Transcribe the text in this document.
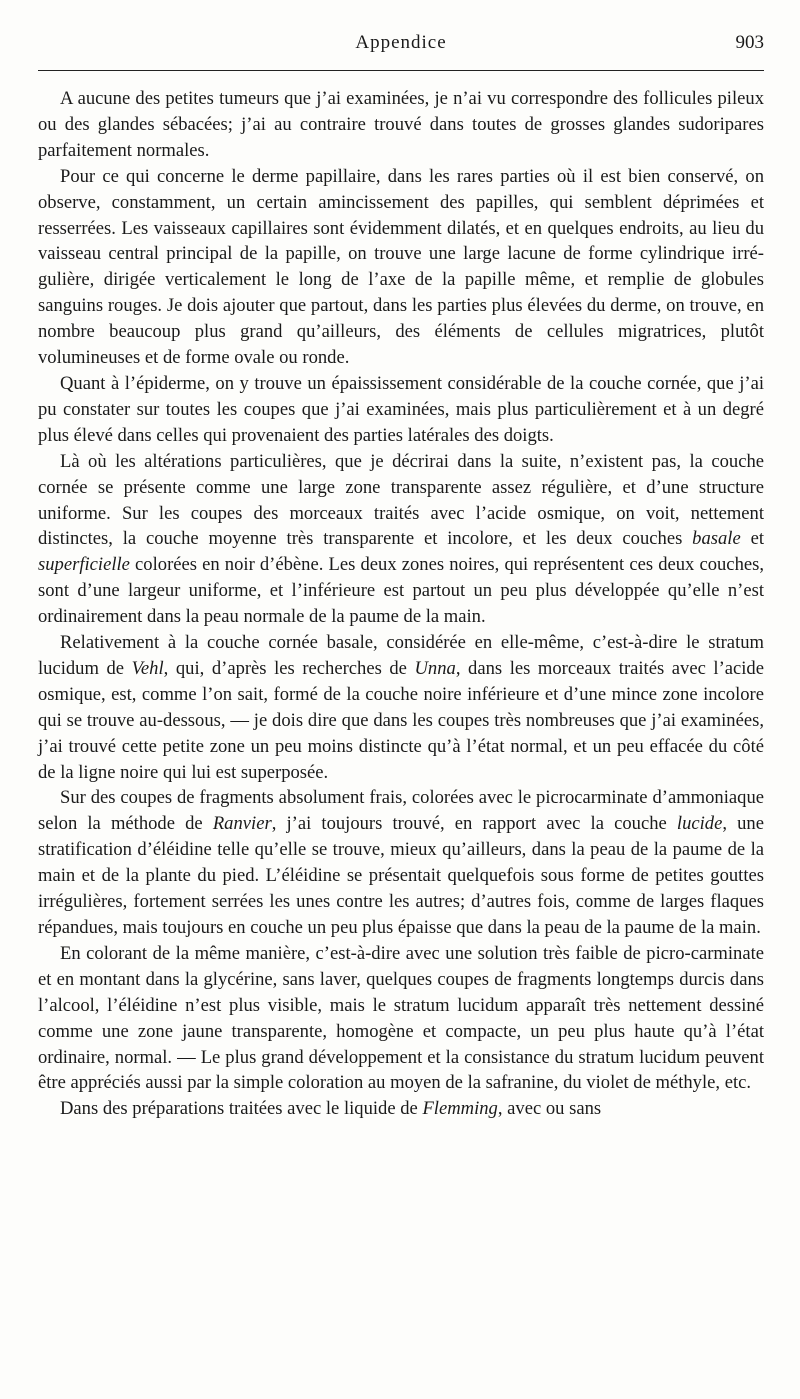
Appendice	903

A aucune des petites tumeurs que j’ai examinées, je n’ai vu correspondre des follicules pileux ou des glandes sébacées; j’ai au contraire trouvé dans toutes de grosses glandes sudoripares parfaitement normales.

Pour ce qui concerne le derme papillaire, dans les rares parties où il est bien conservé, on observe, constamment, un certain amincissement des papilles, qui semblent déprimées et resserrées. Les vaisseaux capillaires sont évidemment dilatés, et en quelques endroits, au lieu du vaisseau central principal de la papille, on trouve une large lacune de forme cylindrique irrégulière, dirigée verticalement le long de l’axe de la papille même, et remplie de globules sanguins rouges. Je dois ajouter que partout, dans les parties plus élevées du derme, on trouve, en nombre beaucoup plus grand qu’ailleurs, des éléments de cellules migratrices, plutôt volumineuses et de forme ovale ou ronde.

Quant à l’épiderme, on y trouve un épaississement considérable de la couche cornée, que j’ai pu constater sur toutes les coupes que j’ai examinées, mais plus particulièrement et à un degré plus élevé dans celles qui provenaient des parties latérales des doigts.

Là où les altérations particulières, que je décrirai dans la suite, n’existent pas, la couche cornée se présente comme une large zone transparente assez régulière, et d’une structure uniforme. Sur les coupes des morceaux traités avec l’acide osmique, on voit, nettement distinctes, la couche moyenne très transparente et incolore, et les deux couches basale et superficielle colorées en noir d’ébène. Les deux zones noires, qui représentent ces deux couches, sont d’une largeur uniforme, et l’inférieure est partout un peu plus développée qu’elle n’est ordinairement dans la peau normale de la paume de la main.

Relativement à la couche cornée basale, considérée en elle-même, c’est-à-dire le stratum lucidum de Vehl, qui, d’après les recherches de Unna, dans les morceaux traités avec l’acide osmique, est, comme l’on sait, formé de la couche noire inférieure et d’une mince zone incolore qui se trouve au-dessous, — je dois dire que dans les coupes très nombreuses que j’ai examinées, j’ai trouvé cette petite zone un peu moins distincte qu’à l’état normal, et un peu effacée du côté de la ligne noire qui lui est superposée.

Sur des coupes de fragments absolument frais, colorées avec le picrocarminate d’ammoniaque selon la méthode de Ranvier, j’ai toujours trouvé, en rapport avec la couche lucide, une stratification d’éléidine telle qu’elle se trouve, mieux qu’ailleurs, dans la peau de la paume de la main et de la plante du pied. L’éléidine se présentait quelquefois sous forme de petites gouttes irrégulières, fortement serrées les unes contre les autres; d’autres fois, comme de larges flaques répandues, mais toujours en couche un peu plus épaisse que dans la peau de la paume de la main.

En colorant de la même manière, c’est-à-dire avec une solution très faible de picro-carminate et en montant dans la glycérine, sans laver, quelques coupes de fragments longtemps durcis dans l’alcool, l’éléidine n’est plus visible, mais le stratum lucidum apparaît très nettement dessiné comme une zone jaune transparente, homogène et compacte, un peu plus haute qu’à l’état ordinaire, normal. — Le plus grand développement et la consistance du stratum lucidum peuvent être appréciés aussi par la simple coloration au moyen de la safranine, du violet de méthyle, etc.

Dans des préparations traitées avec le liquide de Flemming, avec ou sans
